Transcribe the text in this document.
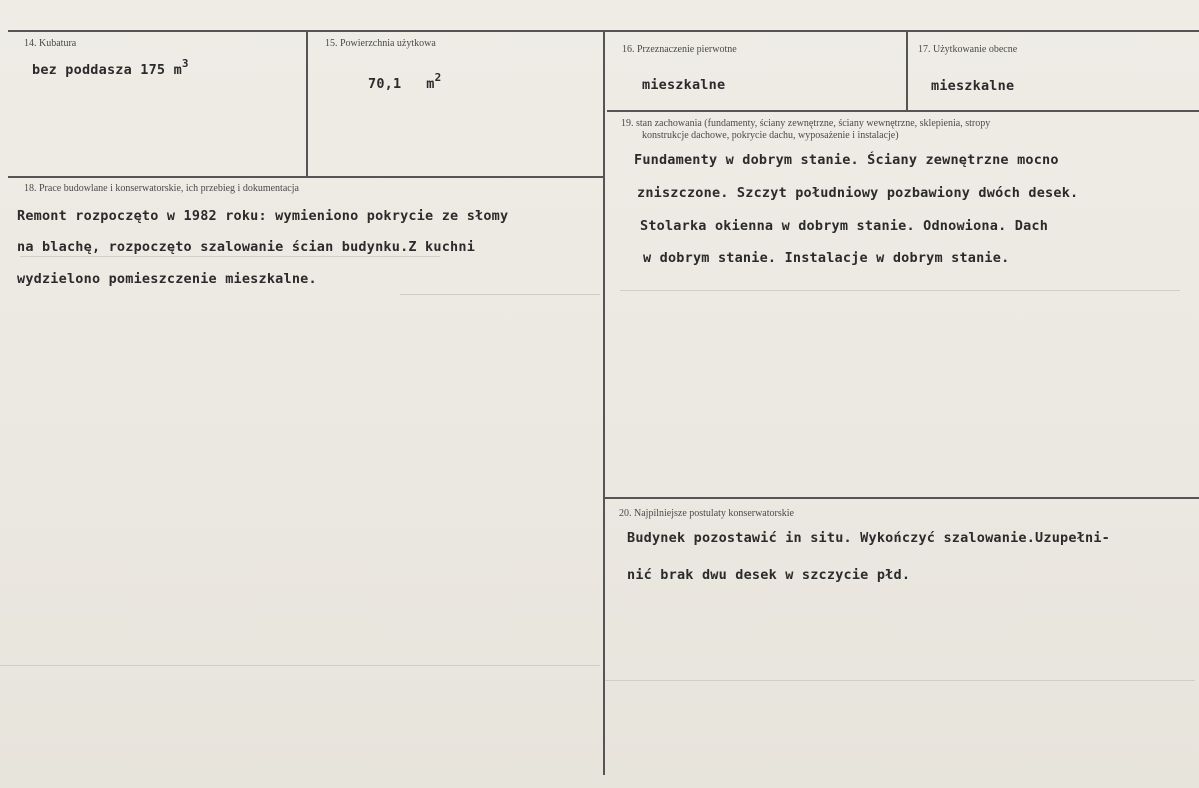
14. Kubatura
bez poddasza 175 $m^3$
15. Powierzchnia użytkowa
70,1   $m^2$
16. Przeznaczenie pierwotne
mieszkalne
17. Użytkowanie obecne
mieszkalne
18. Prace budowlane i konserwatorskie, ich przebieg i dokumentacja
Remont rozpoczęto w 1982 roku: wymieniono pokrycie ze słomy
na blachę, rozpoczęto szalowanie ścian budynku.Z kuchni
wydzielono pomieszczenie mieszkalne.
19. stan zachowania (fundamenty, ściany zewnętrzne, ściany wewnętrzne, sklepienia, stropy
konstrukcje dachowe, pokrycie dachu, wyposażenie i instalacje)
Fundamenty w dobrym stanie. Ściany zewnętrzne mocno
zniszczone. Szczyt południowy pozbawiony dwóch desek.
Stolarka okienna w dobrym stanie. Odnowiona. Dach
w dobrym stanie. Instalacje w dobrym stanie.
20. Najpilniejsze postulaty konserwatorskie
Budynek pozostawić in situ. Wykończyć szalowanie.Uzupełni-
nić brak dwu desek w szczycie płd.
